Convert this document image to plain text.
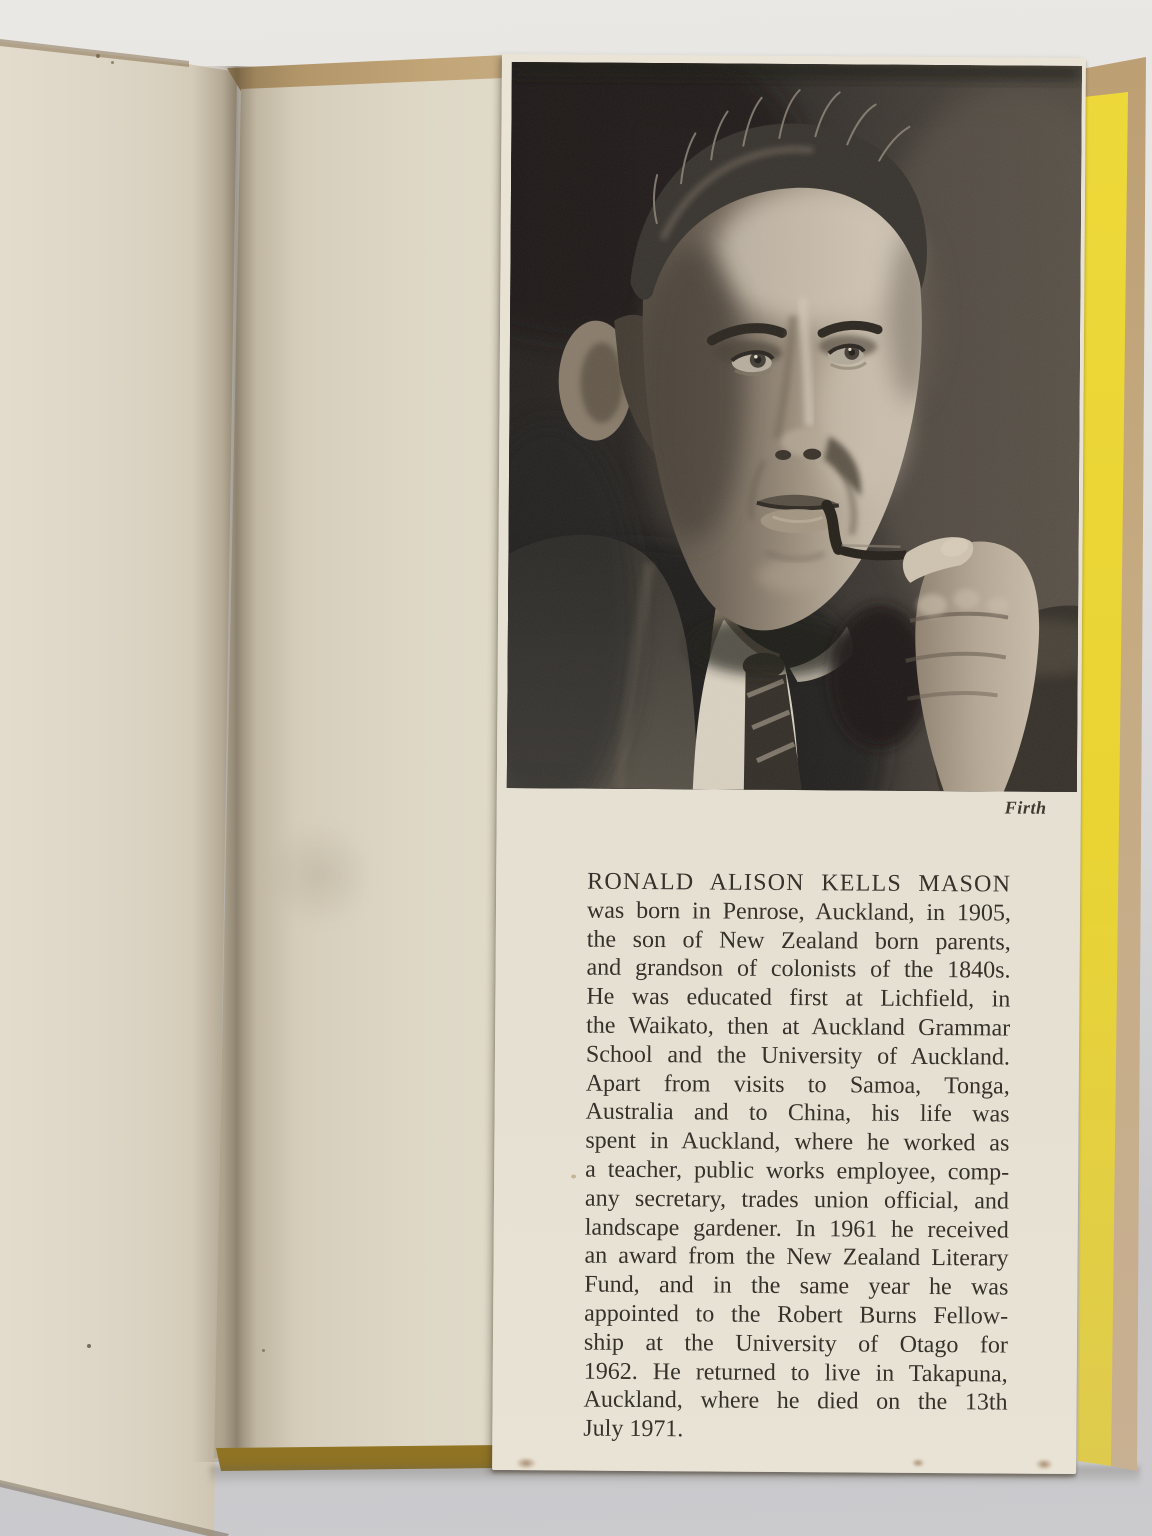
Firth
RONALD ALISON KELLS MASON
was born in Penrose, Auckland, in 1905,
the son of New Zealand born parents,
and grandson of colonists of the 1840s.
He was educated first at Lichfield, in
the Waikato, then at Auckland Grammar
School and the University of Auckland.
Apart from visits to Samoa, Tonga,
Australia and to China, his life was
spent in Auckland, where he worked as
a teacher, public works employee, comp-
any secretary, trades union official, and
landscape gardener. In 1961 he received
an award from the New Zealand Literary
Fund, and in the same year he was
appointed to the Robert Burns Fellow-
ship at the University of Otago for
1962. He returned to live in Takapuna,
Auckland, where he died on the 13th
July 1971.
